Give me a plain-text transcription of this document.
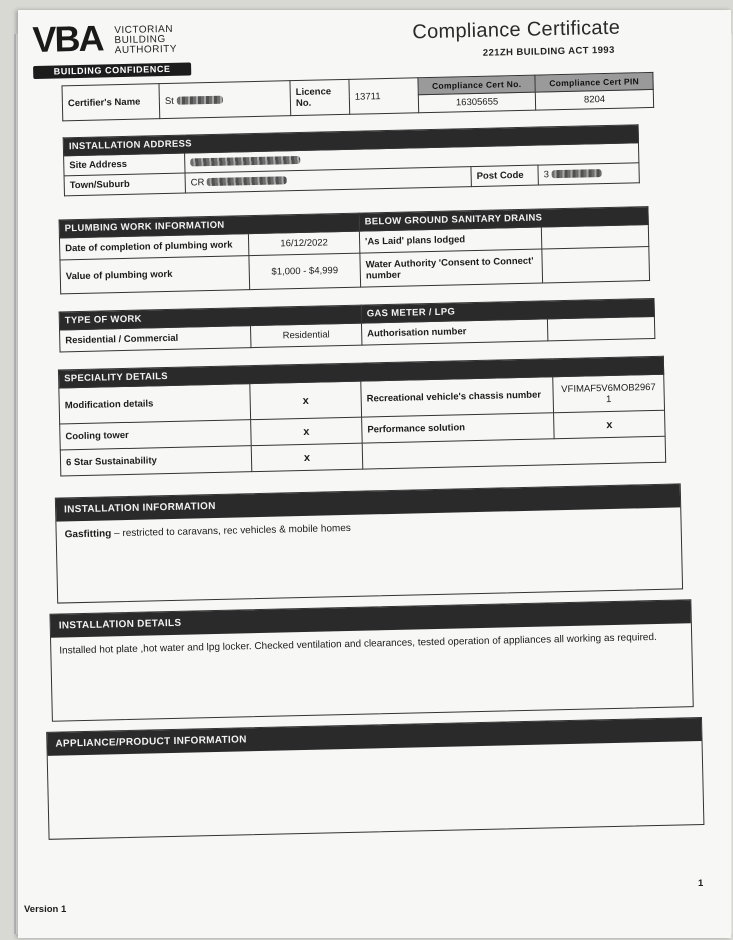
VBA VICTORIAN
BUILDING
AUTHORITY
BUILDING CONFIDENCE
Compliance Certificate
221ZH BUILDING ACT 1993
Certifier's Name	St	Licence No.	13711	Compliance Cert No.	Compliance Cert PIN
				16305655	8204
INSTALLATION ADDRESS			
Site Address			
Town/Suburb	CR	Post Code	3
PLUMBING WORK INFORMATION		BELOW GROUND SANITARY DRAINS	
Date of completion of plumbing work	16/12/2022	'As Laid' plans lodged	
Value of plumbing work	$1,000 - $4,999	Water Authority 'Consent to Connect' number	
TYPE OF WORK		GAS METER / LPG	
Residential / Commercial	Residential	Authorisation number	
SPECIALITY DETAILS			
Modification details	x	Recreational vehicle's chassis number	VFIMAF5V6MOB2967 1
Cooling tower	x	Performance solution	x
6 Star Sustainability	x		
INSTALLATION INFORMATION
Gasfitting – restricted to caravans, rec vehicles & mobile homes
INSTALLATION DETAILS
Installed hot plate ,hot water and lpg locker. Checked ventilation and clearances, tested operation of appliances all working as required.
APPLIANCE/PRODUCT INFORMATION
Version 1
1
